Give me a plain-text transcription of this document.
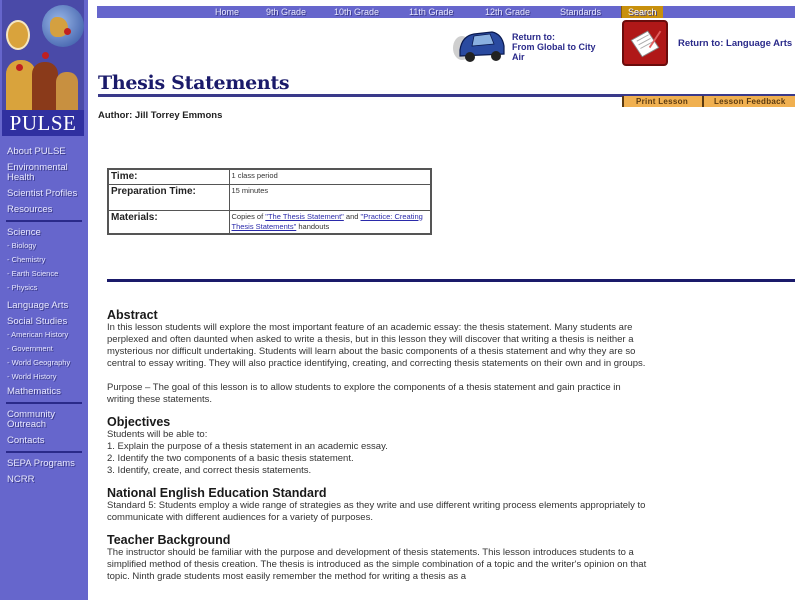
PULSE
About PULSE
Environmental Health
Scientist Profiles
Resources
Science
- Biology
- Chemistry
- Earth Science
- Physics
Language Arts
Social Studies
- American History
- Government
- World Geography
- World History
Mathematics
Community Outreach
Contacts
SEPA Programs
NCRR
Home	9th Grade	10th Grade	11th Grade	12th Grade	Standards	Search
Return to:
From Global to City Air
Return to: Language Arts
Thesis Statements
Print Lesson	Lesson Feedback
Author: Jill Torrey Emmons
Time:	1 class period
Preparation Time:	15 minutes
Materials:	Copies of "The Thesis Statement" and "Practice: Creating Thesis Statements" handouts
Abstract

In this lesson students will explore the most important feature of an academic essay: the thesis statement. Many students are perplexed and often daunted when asked to write a thesis, but in this lesson they will discover that writing a thesis is neither a mysterious nor difficult undertaking. Students will learn about the basic components of a thesis statement and why they are so central to essay writing. They will also practice identifying, creating, and correcting thesis statements on their own and in groups.

Purpose – The goal of this lesson is to allow students to explore the components of a thesis statement and gain practice in writing these statements.

Objectives

Students will be able to:

1. Explain the purpose of a thesis statement in an academic essay.

2. Identify the two components of a basic thesis statement.

3. Identify, create, and correct thesis statements.

National English Education Standard

Standard 5: Students employ a wide range of strategies as they write and use different writing process elements appropriately to communicate with different audiences for a variety of purposes.

Teacher Background

The instructor should be familiar with the purpose and development of thesis statements. This lesson introduces students to a simplified method of thesis creation. The thesis is introduced as the simple combination of a topic and the writer's opinion on that topic. Ninth grade students most easily remember the method for writing a thesis as a
